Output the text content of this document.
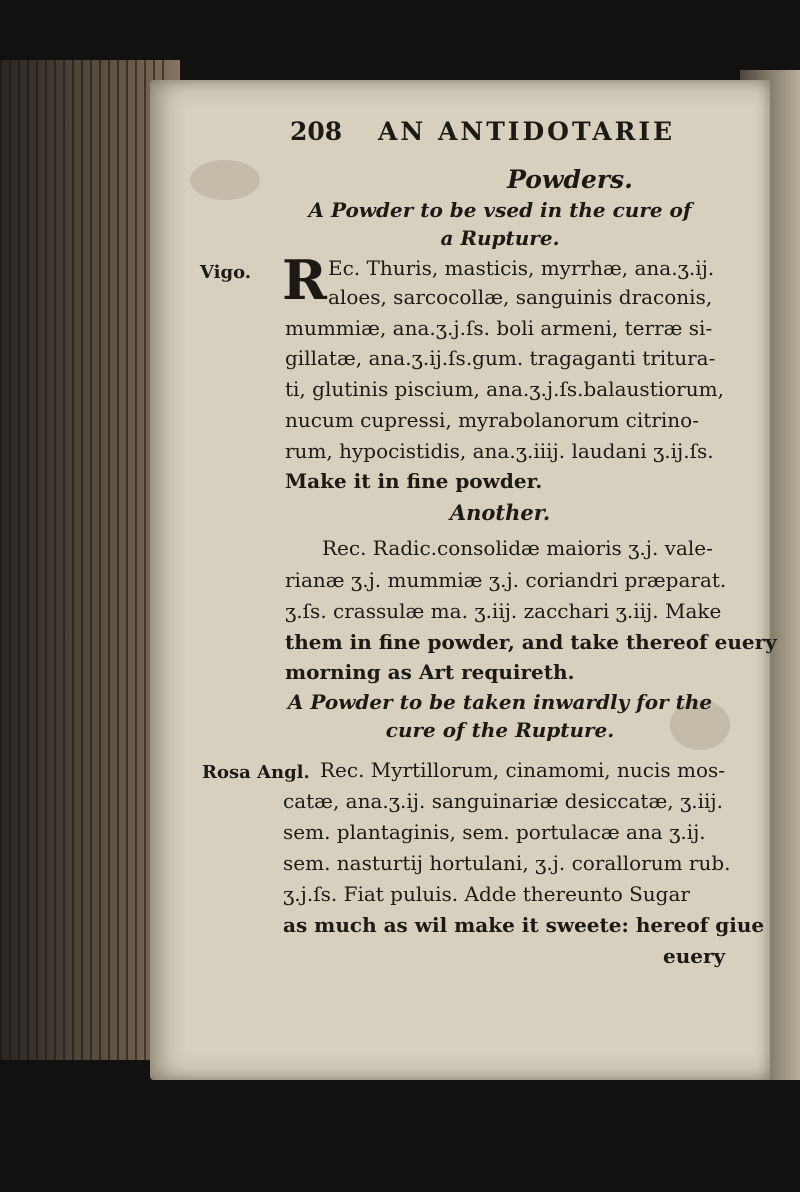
208 AN ANTIDOTARIE
Powders.
A Powder to be vsed in the cure of
a Rupture.
Vigo. R Ec. Thuris, masticis, myrrhæ, ana.ʒ.ij.
aloes, sarcocollæ, sanguinis draconis,
mummiæ, ana.ʒ.j.ſs. boli armeni, terræ si-
gillatæ, ana.ʒ.ij.ſs.gum. tragaganti tritura-
ti, glutinis piscium, ana.ʒ.j.ſs.balaustiorum,
nucum cupressi, myrabolanorum citrino-
rum, hypocistidis, ana.ʒ.iiij. laudani ʒ.ij.ſs.
Make it in fine powder.
Another.
Rec. Radic.consolidæ maioris ʒ.j. vale-
rianæ ʒ.j. mummiæ ʒ.j. coriandri præparat.
ʒ.ſs. crassulæ ma. ʒ.iij. zacchari ʒ.iij. Make
them in fine powder, and take thereof euery
morning as Art requireth.
A Powder to be taken inwardly for the
cure of the Rupture.
Rosa Angl. Rec. Myrtillorum, cinamomi, nucis mos-
catæ, ana.ʒ.ij. sanguinariæ desiccatæ, ʒ.iij.
sem. plantaginis, sem. portulacæ ana ʒ.ij.
sem. nasturtij hortulani, ʒ.j. corallorum rub.
ʒ.j.ſs. Fiat puluis. Adde thereunto Sugar
as much as wil make it sweete: hereof giue
euery
